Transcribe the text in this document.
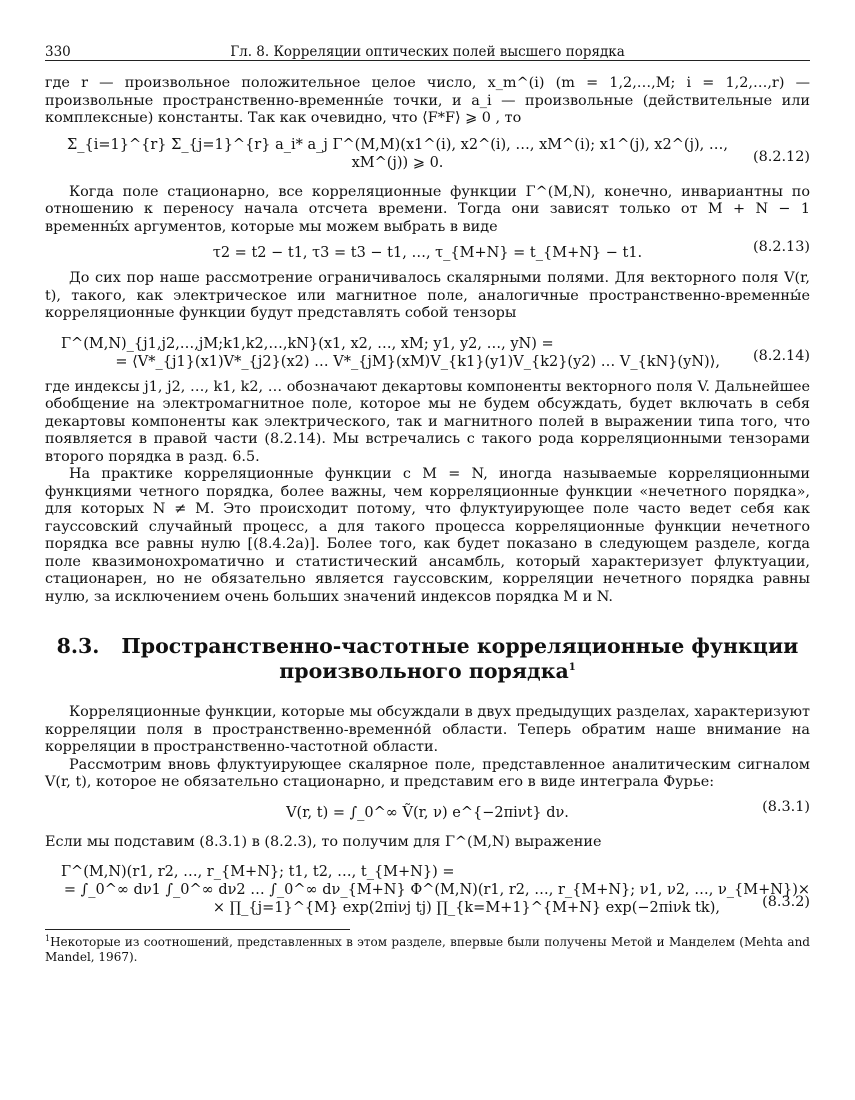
330	Гл. 8. Корреляции оптических полей высшего порядка

где r — произвольное положительное целое число, x_m^(i) (m = 1,2,…,M; i = 1,2,…,r) — произвольные пространственно-временны́е точки, и a_i — произвольные (действительные или комплексные) константы. Так как очевидно, что ⟨F*F⟩ ⩾ 0 , то

Σ_{i=1}^{r} Σ_{j=1}^{r} a_i* a_j Γ^(M,M)(x1^(i), x2^(i), …, xM^(i); x1^(j), x2^(j), …, xM^(j)) ⩾ 0.	(8.2.12)

Когда поле стационарно, все корреляционные функции Γ^(M,N), конечно, инвариантны по отношению к переносу начала отсчета времени. Тогда они зависят только от M + N − 1 временны́х аргументов, которые мы можем выбрать в виде

τ2 = t2 − t1, τ3 = t3 − t1, …, τ_{M+N} = t_{M+N} − t1.	(8.2.13)

До сих пор наше рассмотрение ограничивалось скалярными полями. Для векторного поля V(r, t), такого, как электрическое или магнитное поле, аналогичные пространственно-временны́е корреляционные функции будут представлять собой тензоры

Γ^(M,N)_{j1,j2,…,jM;k1,k2,…,kN}(x1, x2, …, xM; y1, y2, …, yN) =
= ⟨V*_{j1}(x1)V*_{j2}(x2) … V*_{jM}(xM)V_{k1}(y1)V_{k2}(y2) … V_{kN}(yN)⟩,	(8.2.14)

где индексы j1, j2, …, k1, k2, … обозначают декартовы компоненты векторного поля V. Дальнейшее обобщение на электромагнитное поле, которое мы не будем обсуждать, будет включать в себя декартовы компоненты как электрического, так и магнитного полей в выражении типа того, что появляется в правой части (8.2.14). Мы встречались с такого рода корреляционными тензорами второго порядка в разд. 6.5.

На практике корреляционные функции с M = N, иногда называемые корреляционными функциями четного порядка, более важны, чем корреляционные функции «нечетного порядка», для которых N ≠ M. Это происходит потому, что флуктуирующее поле часто ведет себя как гауссовский случайный процесс, а для такого процесса корреляционные функции нечетного порядка все равны нулю [(8.4.2a)]. Более того, как будет показано в следующем разделе, когда поле квазимонохроматично и статистический ансамбль, который характеризует флуктуации, стационарен, но не обязательно является гауссовским, корреляции нечетного порядка равны нулю, за исключением очень больших значений индексов порядка M и N.

8.3. Пространственно-частотные корреляционные функции
произвольного порядка$^1$

Корреляционные функции, которые мы обсуждали в двух предыдущих разделах, характеризуют корреляции поля в пространственно-временно́й области. Теперь обратим наше внимание на корреляции в пространственно-частотной области.

Рассмотрим вновь флуктуирующее скалярное поле, представленное аналитическим сигналом V(r, t), которое не обязательно стационарно, и представим его в виде интеграла Фурье:

V(r, t) = ∫_0^∞ Ṽ(r, ν) e^{−2πiνt} dν.	(8.3.1)

Если мы подставим (8.3.1) в (8.2.3), то получим для Γ^(M,N) выражение

Γ^(M,N)(r1, r2, …, r_{M+N}; t1, t2, …, t_{M+N}) =
= ∫_0^∞ dν1 ∫_0^∞ dν2 … ∫_0^∞ dν_{M+N} Φ^(M,N)(r1, r2, …, r_{M+N}; ν1, ν2, …, ν_{M+N})×
× ∏_{j=1}^{M} exp(2πiνj tj) ∏_{k=M+1}^{M+N} exp(−2πiνk tk),	(8.3.2)
$^1$Некоторые из соотношений, представленных в этом разделе, впервые были получены Метой и Манделем (Mehta and Mandel, 1967).
